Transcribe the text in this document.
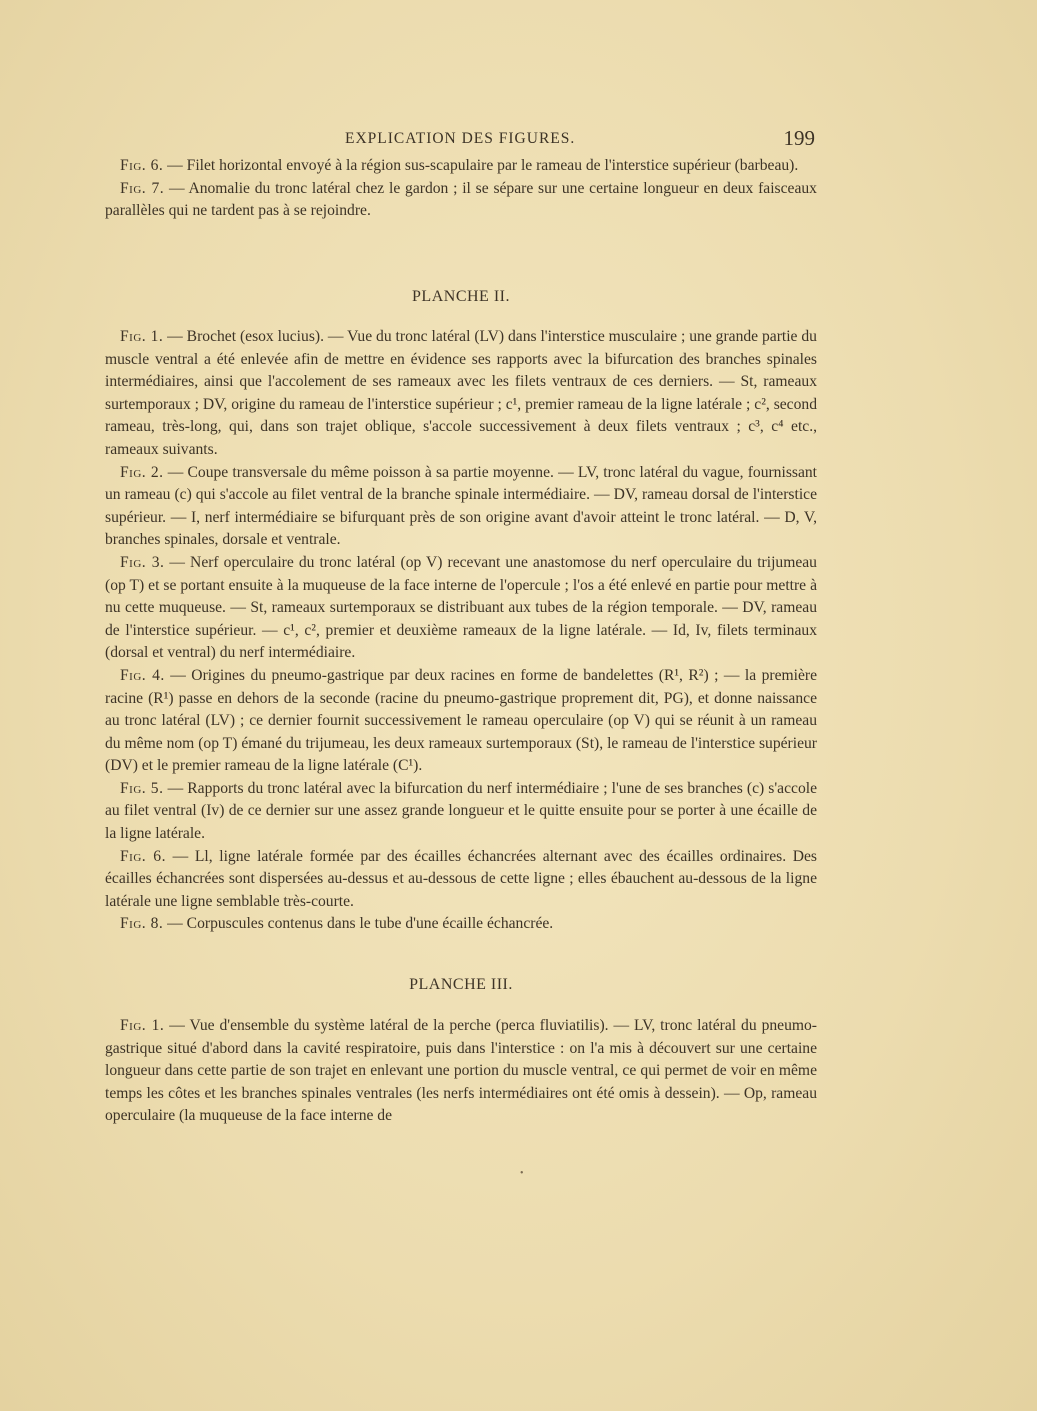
EXPLICATION DES FIGURES.	199

Fig. 6. — Filet horizontal envoyé à la région sus-scapulaire par le rameau de l'interstice supérieur (barbeau).

Fig. 7. — Anomalie du tronc latéral chez le gardon ; il se sépare sur une certaine longueur en deux faisceaux parallèles qui ne tardent pas à se rejoindre.

PLANCHE II.

Fig. 1. — Brochet (esox lucius). — Vue du tronc latéral (LV) dans l'interstice musculaire ; une grande partie du muscle ventral a été enlevée afin de mettre en évidence ses rapports avec la bifurcation des branches spinales intermédiaires, ainsi que l'accolement de ses rameaux avec les filets ventraux de ces derniers. — St, rameaux surtemporaux ; DV, origine du rameau de l'interstice supérieur ; c¹, premier rameau de la ligne latérale ; c², second rameau, très-long, qui, dans son trajet oblique, s'accole successivement à deux filets ventraux ; c³, c⁴ etc., rameaux suivants.

Fig. 2. — Coupe transversale du même poisson à sa partie moyenne. — LV, tronc latéral du vague, fournissant un rameau (c) qui s'accole au filet ventral de la branche spinale intermédiaire. — DV, rameau dorsal de l'interstice supérieur. — I, nerf intermédiaire se bifurquant près de son origine avant d'avoir atteint le tronc latéral. — D, V, branches spinales, dorsale et ventrale.

Fig. 3. — Nerf operculaire du tronc latéral (op V) recevant une anastomose du nerf operculaire du trijumeau (op T) et se portant ensuite à la muqueuse de la face interne de l'opercule ; l'os a été enlevé en partie pour mettre à nu cette muqueuse. — St, rameaux surtemporaux se distribuant aux tubes de la région temporale. — DV, rameau de l'interstice supérieur. — c¹, c², premier et deuxième rameaux de la ligne latérale. — Id, Iv, filets terminaux (dorsal et ventral) du nerf intermédiaire.

Fig. 4. — Origines du pneumo-gastrique par deux racines en forme de bandelettes (R¹, R²) ; — la première racine (R¹) passe en dehors de la seconde (racine du pneumo-gastrique proprement dit, PG), et donne naissance au tronc latéral (LV) ; ce dernier fournit successivement le rameau operculaire (op V) qui se réunit à un rameau du même nom (op T) émané du trijumeau, les deux rameaux surtemporaux (St), le rameau de l'interstice supérieur (DV) et le premier rameau de la ligne latérale (C¹).

Fig. 5. — Rapports du tronc latéral avec la bifurcation du nerf intermédiaire ; l'une de ses branches (c) s'accole au filet ventral (Iv) de ce dernier sur une assez grande longueur et le quitte ensuite pour se porter à une écaille de la ligne latérale.

Fig. 6. — Ll, ligne latérale formée par des écailles échancrées alternant avec des écailles ordinaires. Des écailles échancrées sont dispersées au-dessus et au-dessous de cette ligne ; elles ébauchent au-dessous de la ligne latérale une ligne semblable très-courte.

Fig. 8. — Corpuscules contenus dans le tube d'une écaille échancrée.

PLANCHE III.

Fig. 1. — Vue d'ensemble du système latéral de la perche (perca fluviatilis). — LV, tronc latéral du pneumo-gastrique situé d'abord dans la cavité respiratoire, puis dans l'interstice : on l'a mis à découvert sur une certaine longueur dans cette partie de son trajet en enlevant une portion du muscle ventral, ce qui permet de voir en même temps les côtes et les branches spinales ventrales (les nerfs intermédiaires ont été omis à dessein). — Op, rameau operculaire (la muqueuse de la face interne de

•
